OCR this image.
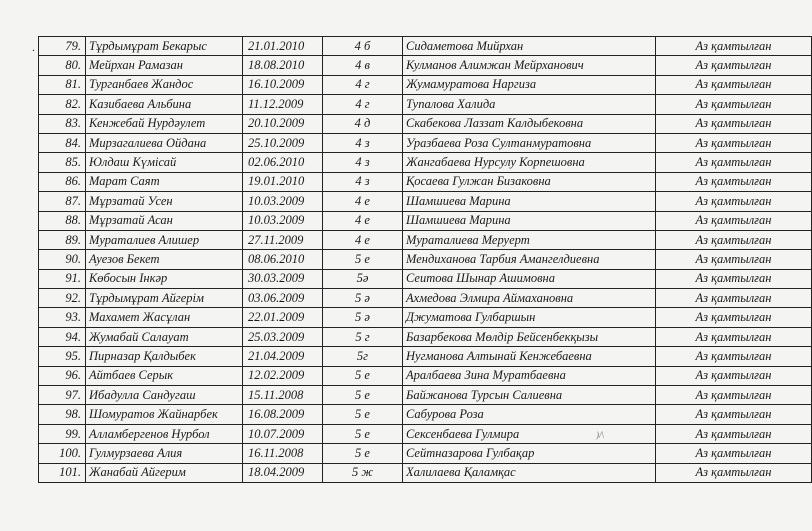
. 79.	Тұрдымұрат Бекарыс	21.01.2010	4 б	Сидаметова Мийрхан	Аз қамтылған
80.	Мейрхан Рамазан	18.08.2010	4 в	Кулманов Алимжан Мейрханович	Аз қамтылған
81.	Турганбаев Жандос	16.10.2009	4 г	Жумамуратова Наргиза	Аз қамтылған
82.	Казибаева Альбина	11.12.2009	4 г	Тупалова Халида	Аз қамтылған
83.	Кенжебай Нурдәулет	20.10.2009	4 д	Скабекова Лаззат Калдыбековна	Аз қамтылған
84.	Мирзагалиева Ойдана	25.10.2009	4 з	Уразбаева Роза Султанмуратовна	Аз қамтылған
85.	Юлдаш Күмісай	02.06.2010	4 з	Жангабаева Нурсулу Корпешовна	Аз қамтылған
86.	Марат Саят	19.01.2010	4 з	Қосаева Гулжан Бизаковна	Аз қамтылған
87.	Мұрзатай Усен	10.03.2009	4 е	Шамшиева Марина	Аз қамтылған
88.	Мұрзатай Асан	10.03.2009	4 е	Шамшиева Марина	Аз қамтылған
89.	Мураталиев Алишер	27.11.2009	4 е	Мураталиева Меруерт	Аз қамтылған
90.	Ауезов Бекет	08.06.2010	5 е	Мендиханова Тарбия Амангелдиевна	Аз қамтылған
91.	Көбосын Інкәр	30.03.2009	5ә	Сеитова Шынар Ашимовна	Аз қамтылған
92.	Тұрдымұрат Айгерім	03.06.2009	5 ә	Ахмедова Элмира Аймахановна	Аз қамтылған
93.	Махамет Жасұлан	22.01.2009	5 ә	Джуматова Гулбаршын	Аз қамтылған
94.	Жумабай Салауат	25.03.2009	5 г	Базарбекова Мөлдір Бейсенбекқызы	Аз қамтылған
95.	Пирназар Қалдыбек	21.04.2009	5г	Нугманова Алтынай Кенжебаевна	Аз қамтылған
96.	Айтбаев Серык	12.02.2009	5 е	Аралбаева Зина Муратбаевна	Аз қамтылған
97.	Ибадулла Сандугаш	15.11.2008	5 е	Байжанова Турсын Салиевна	Аз қамтылған
98.	Шомуратов Жайнарбек	16.08.2009	5 е	Сабурова Роза	Аз қамтылған
99.	Алламбергенов Нурбол	10.07.2009	5 е	Сексенбаева Гулмира	Аз қамтылған
100.	Гулмурзаева Алия	16.11.2008	5 е	Сейтназарова Гулбақар	Аз қамтылған
101.	Жанабай Айгерим	18.04.2009	5 ж	Халилаева Қаламқас	Аз қамтылған
)/\
